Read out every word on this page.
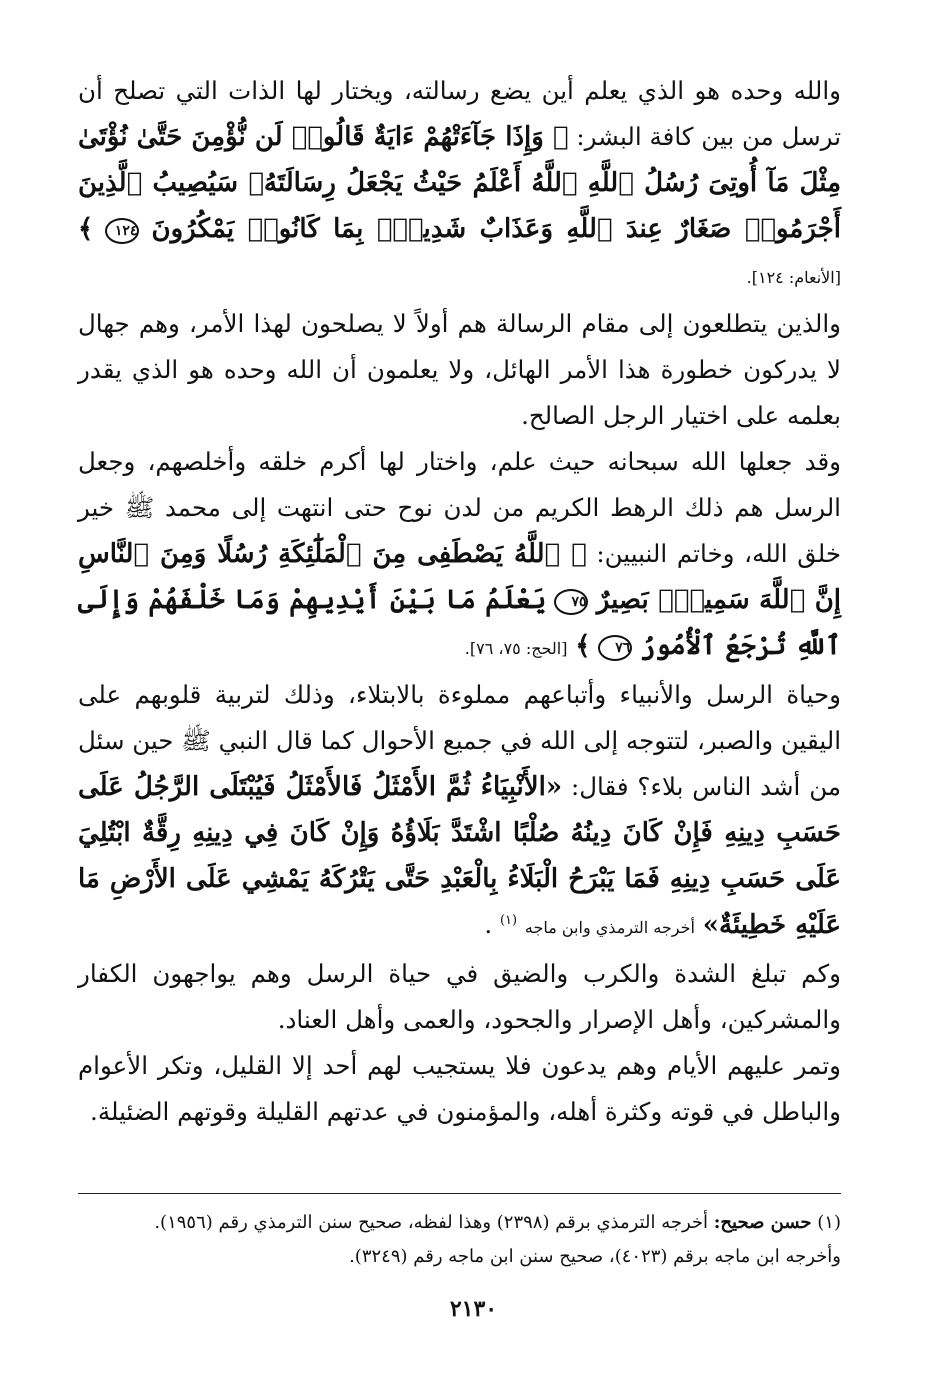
والله وحده هو الذي يعلم أين يضع رسالته، ويختار لها الذات التي تصلح أن ترسل من بين كافة البشر: ﴿ وَإِذَا جَآءَتْهُمْ ءَايَةٌ قَالُوا۟ لَن نُّؤْمِنَ حَتَّىٰ نُؤْتَىٰ مِثْلَ مَآ أُوتِىَ رُسُلُ ٱللَّهِ ٱللَّهُ أَعْلَمُ حَيْثُ يَجْعَلُ رِسَالَتَهُۥ سَيُصِيبُ ٱلَّذِينَ أَجْرَمُوا۟ صَغَارٌ عِندَ ٱللَّهِ وَعَذَابٌ شَدِيدٌۢ بِمَا كَانُوا۟ يَمْكُرُونَ ١٢٤ ﴾ [الأنعام: ١٢٤].

والذين يتطلعون إلى مقام الرسالة هم أولاً لا يصلحون لهذا الأمر، وهم جهال لا يدركون خطورة هذا الأمر الهائل، ولا يعلمون أن الله وحده هو الذي يقدر بعلمه على اختيار الرجل الصالح.

وقد جعلها الله سبحانه حيث علم، واختار لها أكرم خلقه وأخلصهم، وجعل الرسل هم ذلك الرهط الكريم من لدن نوح حتى انتهت إلى محمد ﷺ خير خلق الله، وخاتم النبيين: ﴿ ٱللَّهُ يَصْطَفِى مِنَ ٱلْمَلَٰٓئِكَةِ رُسُلًا وَمِنَ ٱلنَّاسِ إِنَّ ٱللَّهَ سَمِيعٌۢ بَصِيرٌ ٧٥ يَعْلَمُ مَا بَيْنَ أَيْدِيهِمْ وَمَا خَلْفَهُمْ وَإِلَى ٱللَّهِ تُرْجَعُ ٱلْأُمُورُ ٧٦ ﴾ [الحج: ٧٥، ٧٦].

وحياة الرسل والأنبياء وأتباعهم مملوءة بالابتلاء، وذلك لتربية قلوبهم على اليقين والصبر، لتتوجه إلى الله في جميع الأحوال كما قال النبي ﷺ حين سئل من أشد الناس بلاء؟ فقال: «الأَنْبِيَاءُ ثُمَّ الأَمْثَلُ فَالأَمْثَلُ فَيُبْتَلَى الرَّجُلُ عَلَى حَسَبِ دِينِهِ فَإِنْ كَانَ دِينُهُ صُلْبًا اشْتَدَّ بَلَاؤُهُ وَإِنْ كَانَ فِي دِينِهِ رِقَّةٌ ابْتُلِيَ عَلَى حَسَبِ دِينِهِ فَمَا يَبْرَحُ الْبَلَاءُ بِالْعَبْدِ حَتَّى يَتْرُكَهُ يَمْشِي عَلَى الأَرْضِ مَا عَلَيْهِ خَطِيئَةٌ» أخرجه الترمذي وابن ماجه $^{(١)}$ .

وكم تبلغ الشدة والكرب والضيق في حياة الرسل وهم يواجهون الكفار والمشركين، وأهل الإصرار والجحود، والعمى وأهل العناد.

وتمر عليهم الأيام وهم يدعون فلا يستجيب لهم أحد إلا القليل، وتكر الأعوام والباطل في قوته وكثرة أهله، والمؤمنون في عدتهم القليلة وقوتهم الضئيلة.

(١) حسن صحيح: أخرجه الترمذي برقم (٢٣٩٨) وهذا لفظه، صحيح سنن الترمذي رقم (١٩٥٦).

وأخرجه ابن ماجه برقم (٤٠٢٣)، صحيح سنن ابن ماجه رقم (٣٢٤٩).

٢١٣٠
